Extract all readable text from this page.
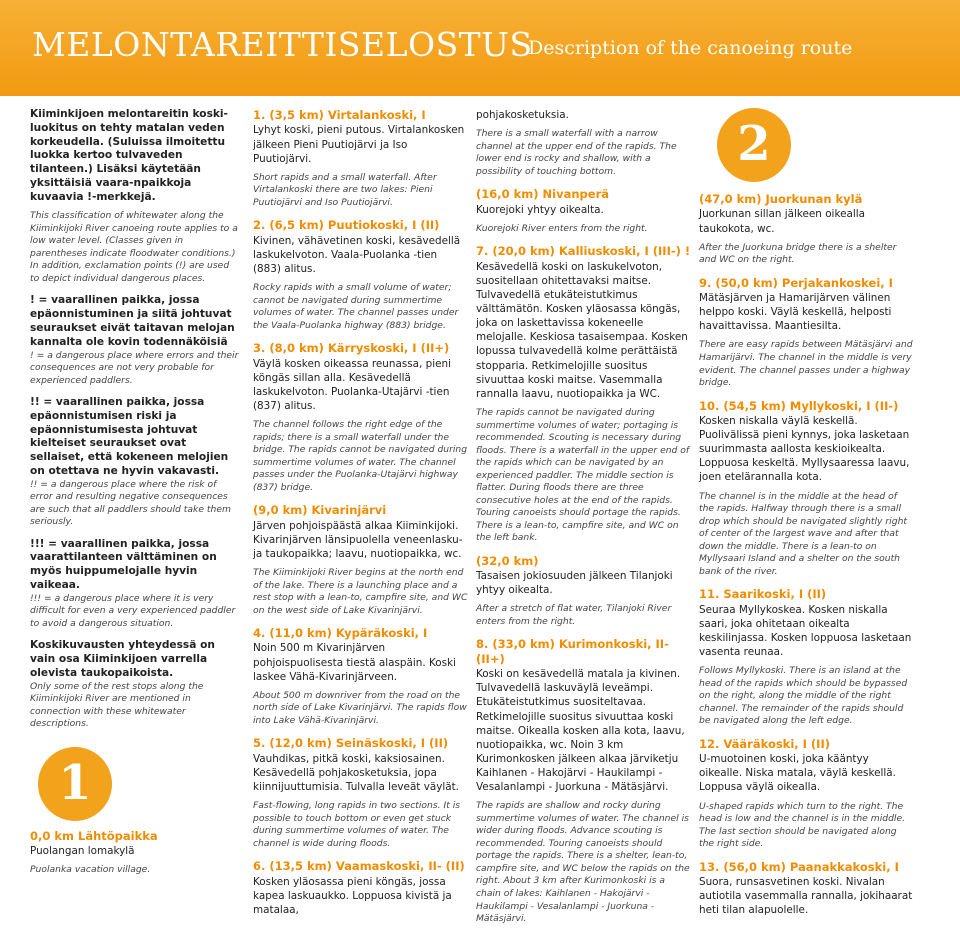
MELONTAREITTISELOSTUS
Description of the canoeing route

Kiiminkijoen melontareitin koski-luokitus on tehty matalan veden korkeudella. (Suluissa ilmoitettu luokka kertoo tulvaveden tilanteen.) Lisäksi käytetään yksittäisiä vaara-npaikkoja kuvaavia !-merkkejä.

This classification of whitewater along the Kiiminkijoki River canoeing route applies to a low water level. (Classes given in parentheses indicate floodwater conditions.) In addition, exclamation points (!) are used to depict individual dangerous places.

! = vaarallinen paikka, jossa epäonnistuminen ja siitä johtuvat seuraukset eivät taitavan melojan kannalta ole kovin todennäköisiä

! = a dangerous place where errors and their consequences are not very probable for experienced paddlers.

!! = vaarallinen paikka, jossa epäonnistumisen riski ja epäonnistumisesta johtuvat kielteiset seuraukset ovat sellaiset, että kokeneen melojien on otettava ne hyvin vakavasti.

!! = a dangerous place where the risk of error and resulting negative consequences are such that all paddlers should take them seriously.

!!! = vaarallinen paikka, jossa vaarattilanteen välttäminen on myös huippumelojalle hyvin vaikeaa.

!!! = a dangerous place where it is very difficult for even a very experienced paddler to avoid a dangerous situation.

Koskikuvausten yhteydessä on vain osa Kiiminkijoen varrella olevista taukopaikoista.

Only some of the rest stops along the Kiiminkijoki River are mentioned in connection with these whitewater descriptions.

1

0,0 km Lähtöpaikka

Puolangan lomakylä

Puolanka vacation village.

1. (3,5 km) Virtalankoski, I

Lyhyt koski, pieni putous. Virtalankosken jälkeen Pieni Puutiojärvi ja Iso Puutiojärvi.

Short rapids and a small waterfall. After Virtalankoski there are two lakes: Pieni Puutiojärvi and Iso Puutiojärvi.

2. (6,5 km) Puutiokoski, I (II)

Kivinen, vähävetinen koski, kesävedellä laskukelvoton. Vaala-Puolanka -tien (883) alitus.

Rocky rapids with a small volume of water; cannot be navigated during summertime volumes of water. The channel passes under the Vaala-Puolanka highway (883) bridge.

3. (8,0 km) Kärryskoski, I (II+)

Väylä kosken oikeassa reunassa, pieni köngäs sillan alla. Kesävedellä laskukelvoton. Puolanka-Utajärvi -tien (837) alitus.

The channel follows the right edge of the rapids; there is a small waterfall under the bridge. The rapids cannot be navigated during summertime volumes of water. The channel passes under the Puolanka-Utajärvi highway (837) bridge.

(9,0 km) Kivarinjärvi

Järven pohjoispäästä alkaa Kiiminkijoki. Kivarinjärven länsipuolella veneenlasku- ja taukopaikka; laavu, nuotiopaikka, wc.

The Kiiminkijoki River begins at the north end of the lake. There is a launching place and a rest stop with a lean-to, campfire site, and WC on the west side of Lake Kivarinjärvi.

4. (11,0 km) Kypäräkoski, I

Noin 500 m Kivarinjärven pohjoispuolisesta tiestä alaspäin. Koski laskee Vähä-Kivarinjärveen.

About 500 m downriver from the road on the north side of Lake Kivarinjärvi. The rapids flow into Lake Vähä-Kivarinjärvi.

5. (12,0 km) Seinäskoski, I (II)

Vauhdikas, pitkä koski, kaksiosainen. Kesävedellä pohjakosketuksia, jopa kiinnijuuttumisia. Tulvalla leveät väylät.

Fast-flowing, long rapids in two sections. It is possible to touch bottom or even get stuck during summertime volumes of water. The channel is wide during floods.

6. (13,5 km) Vaamaskoski, II- (II)

Kosken yläosassa pieni köngäs, jossa kapea laskuaukko. Loppuosa kivistä ja matalaa,

pohjakosketuksia.

There is a small waterfall with a narrow channel at the upper end of the rapids. The lower end is rocky and shallow, with a possibility of touching bottom.

(16,0 km) Nivanperä

Kuorejoki yhtyy oikealta.

Kuorejoki River enters from the right.

7. (20,0 km) Kalliuskoski, I (III-) !

Kesävedellä koski on laskukelvoton, suositellaan ohitettavaksi maitse. Tulvavedellä etukäteistutkimus välttämätön. Kosken yläosassa köngäs, joka on laskettavissa kokeneelle melojalle. Keskiosa tasaisempaa. Kosken lopussa tulvavedellä kolme perättäistä stopparia. Retkimelojille suositus sivuuttaa koski maitse. Vasemmalla rannalla laavu, nuotiopaikka ja WC.

The rapids cannot be navigated during summertime volumes of water; portaging is recommended. Scouting is necessary during floods. There is a waterfall in the upper end of the rapids which can be navigated by an experienced paddler. The middle section is flatter. During floods there are three consecutive holes at the end of the rapids. Touring canoeists should portage the rapids. There is a lean-to, campfire site, and WC on the left bank.

(32,0 km)

Tasaisen jokiosuuden jälkeen Tilanjoki yhtyy oikealta.

After a stretch of flat water, Tilanjoki River enters from the right.

8. (33,0 km) Kurimonkoski, II- (II+)

Koski on kesävedellä matala ja kivinen. Tulvavedellä laskuväylä leveämpi. Etukäteistutkimus suositeltavaa. Retkimelojille suositus sivuuttaa koski maitse. Oikealla kosken alla kota, laavu, nuotiopaikka, wc. Noin 3 km Kurimonkosken jälkeen alkaa järviketju Kaihlanen - Hakojärvi - Haukilampi - Vesalanlampi - Juorkuna - Mätäsjärvi.

The rapids are shallow and rocky during summertime volumes of water. The channel is wider during floods. Advance scouting is recommended. Touring canoeists should portage the rapids. There is a shelter, lean-to, campfire site, and WC below the rapids on the right. About 3 km after Kurimonkoski is a chain of lakes: Kaihlanen - Hakojärvi - Haukilampi - Vesalanlampi - Juorkuna - Mätäsjärvi.

2

(47,0 km) Juorkunan kylä

Juorkunan sillan jälkeen oikealla taukokota, wc.

After the Juorkuna bridge there is a shelter and WC on the right.

9. (50,0 km) Perjakankoskei, I

Mätäsjärven ja Hamarijärven välinen helppo koski. Väylä keskellä, helposti havaittavissa. Maantiesilta.

There are easy rapids between Mätäsjärvi and Hamarijärvi. The channel in the middle is very evident. The channel passes under a highway bridge.

10. (54,5 km) Myllykoski, I (II-)

Kosken niskalla väylä keskellä. Puolivälissä pieni kynnys, joka lasketaan suurimmasta aallosta keskioikealta. Loppuosa keskeltä. Myllysaaressa laavu, joen etelärannalla kota.

The channel is in the middle at the head of the rapids. Halfway through there is a small drop which should be navigated slightly right of center of the largest wave and after that down the middle. There is a lean-to on Myllysaari Island and a shelter on the south bank of the river.

11. Saarikoski, I (II)

Seuraa Myllykoskea. Kosken niskalla saari, joka ohitetaan oikealta keskilinjassa. Kosken loppuosa lasketaan vasenta reunaa.

Follows Myllykoski. There is an island at the head of the rapids which should be bypassed on the right, along the middle of the right channel. The remainder of the rapids should be navigated along the left edge.

12. Vääräkoski, I (II)

U-muotoinen koski, joka kääntyy oikealle. Niska matala, väylä keskellä. Loppusa väylä oikealla.

U-shaped rapids which turn to the right. The head is low and the channel is in the middle. The last section should be navigated along the right side.

13. (56,0 km) Paanakkakoski, I

Suora, runsasvetinen koski. Nivalan autiotila vasemmalla rannalla, jokihaarat heti tilan alapuolelle.
